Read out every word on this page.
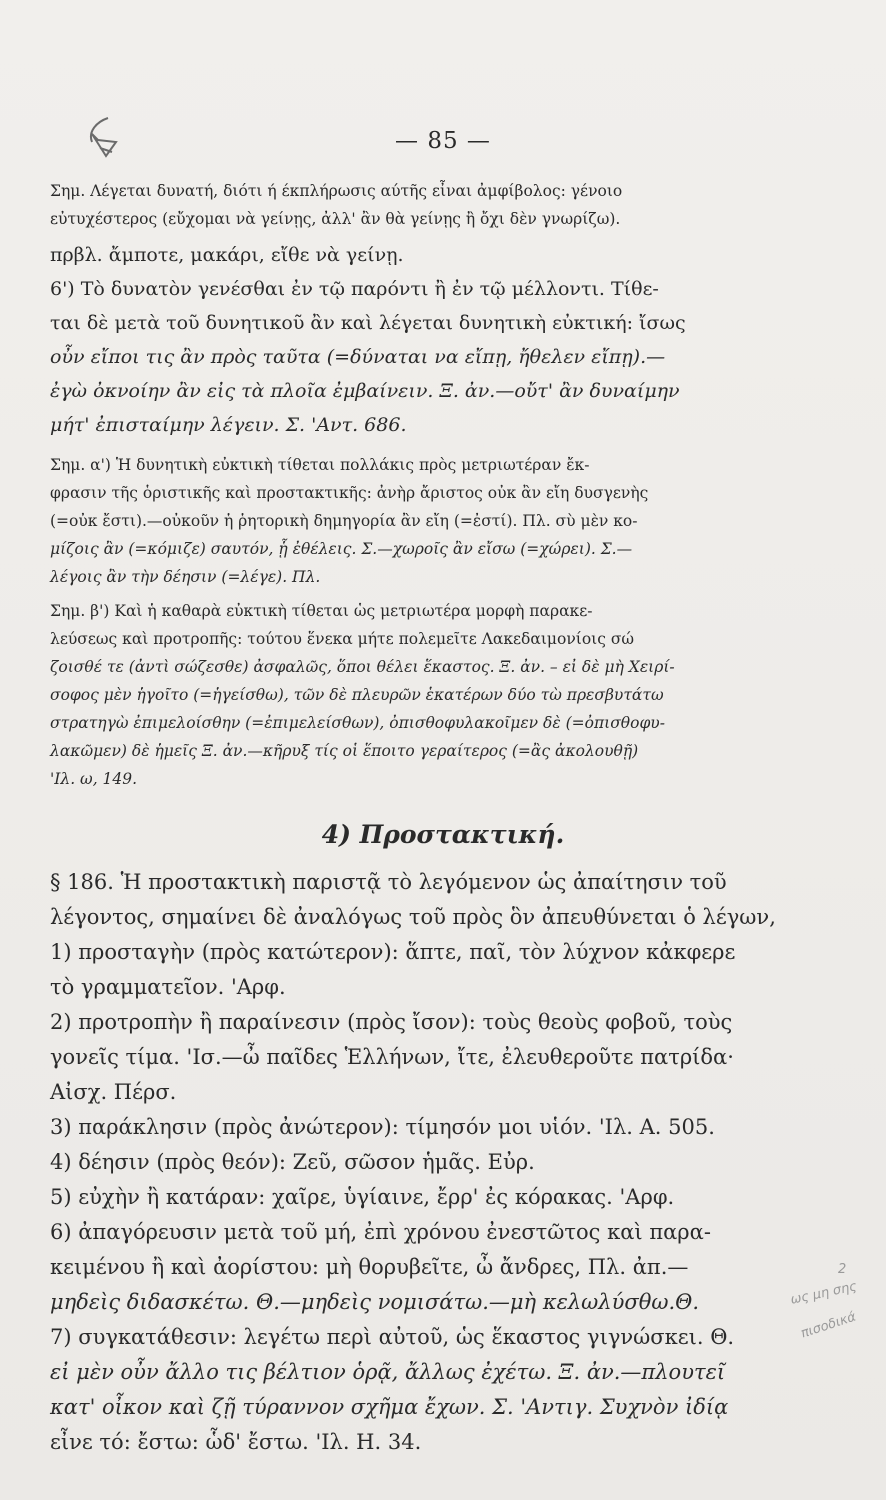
— 85 —
Σημ. Λέγεται δυνατή, διότι ή έκπλήρωσις αύτῆς εἶναι ἀμφίβολος: γένοιο
εὐτυχέστερος (εὔχομαι νὰ γείνῃς, ἀλλ' ἂν θὰ γείνῃς ἢ ὄχι δὲν γνωρίζω).
πρβλ. ἄμποτε, μακάρι, εἴθε νὰ γείνῃ.
6') Τὸ δυνατὸν γενέσθαι ἐν τῷ παρόντι ἢ ἐν τῷ μέλλοντι. Τίθε-
ται δὲ μετὰ τοῦ δυνητικοῦ ἂν καὶ λέγεται δυνητικὴ εὐκτική: ἴσως
οὖν εἴποι τις ἂν πρὸς ταῦτα (=δύναται να εἴπῃ, ἤθελεν εἴπῃ).—
ἐγὼ ὀκνοίην ἂν εἰς τὰ πλοῖα ἐμβαίνειν. Ξ. ἀν.—οὔτ' ἂν δυναίμην
μήτ' ἐπισταίμην λέγειν. Σ. 'Αντ. 686.
Σημ. α') Ἡ δυνητικὴ εὐκτικὴ τίθεται πολλάκις πρὸς μετριωτέραν ἔκ-
φρασιν τῆς ὁριστικῆς καὶ προστακτικῆς: ἀνὴρ ἄριστος οὐκ ἂν εἴη δυσγενὴς
(=οὐκ ἔστι).—οὐκοῦν ἡ ῥητορικὴ δημηγορία ἂν εἴη (=ἐστί). Πλ. σὺ μὲν κο-
μίζοις ἂν (=κόμιζε) σαυτόν, ᾗ ἐθέλεις. Σ.—χωροῖς ἂν εἴσω (=χώρει). Σ.—
λέγοις ἂν τὴν δέησιν (=λέγε). Πλ.
Σημ. β') Καὶ ἡ καθαρὰ εὐκτικὴ τίθεται ὡς μετριωτέρα μορφὴ παρακε-
λεύσεως καὶ προτροπῆς: τούτου ἕνεκα μήτε πολεμεῖτε Λακεδαιμονίοις σώ
ζοισθέ τε (ἀντὶ σώζεσθε) ἀσφαλῶς, ὅποι θέλει ἕκαστος. Ξ. ἀν. – εἰ δὲ μὴ Χειρί-
σοφος μὲν ἡγοῖτο (=ἡγείσθω), τῶν δὲ πλευρῶν ἑκατέρων δύο τὼ πρεσβυτάτω
στρατηγὼ ἐπιμελοίσθην (=ἐπιμελείσθων), ὀπισθοφυλακοῖμεν δὲ (=ὀπισθοφυ-
λακῶμεν) δὲ ἡμεῖς Ξ. ἀν.—κῆρυξ τίς οἱ ἕποιτο γεραίτερος (=ἂς ἀκολουθῇ)
'Ιλ. ω, 149.
4) Προστακτική.
§ 186. Ἡ προστακτικὴ παριστᾷ τὸ λεγόμενον ὡς ἀπαίτησιν τοῦ
λέγοντος, σημαίνει δὲ ἀναλόγως τοῦ πρὸς ὃν ἀπευθύνεται ὁ λέγων,
1) προσταγὴν (πρὸς κατώτερον): ἅπτε, παῖ, τὸν λύχνον κἀκφερε
τὸ γραμματεῖον. 'Αρφ.
2) προτροπὴν ἢ παραίνεσιν (πρὸς ἴσον): τοὺς θεοὺς φοβοῦ, τοὺς
γονεῖς τίμα. 'Ισ.—ὦ παῖδες Ἑλλήνων, ἴτε, ἐλευθεροῦτε πατρίδα·
Αἰσχ. Πέρσ.
3) παράκλησιν (πρὸς ἀνώτερον): τίμησόν μοι υἱόν. 'Ιλ. Α. 505.
4) δέησιν (πρὸς θεόν): Ζεῦ, σῶσον ἡμᾶς. Εὐρ.
5) εὐχὴν ἢ κατάραν: χαῖρε, ὑγίαινε, ἔρρ' ἐς κόρακας. 'Αρφ.
6) ἀπαγόρευσιν μετὰ τοῦ μή, ἐπὶ χρόνου ἐνεστῶτος καὶ παρα-
κειμένου ἢ καὶ ἀορίστου: μὴ θορυβεῖτε, ὦ ἄνδρες, Πλ. ἀπ.—
μηδεὶς διδασκέτω. Θ.—μηδεὶς νομισάτω.—μὴ κελωλύσθω.Θ.
7) συγκατάθεσιν: λεγέτω περὶ αὐτοῦ, ὡς ἕκαστος γιγνώσκει. Θ.
εἰ μὲν οὖν ἄλλο τις βέλτιον ὁρᾷ, ἄλλως ἐχέτω. Ξ. ἀν.—πλουτεῖ
κατ' οἶκον καὶ ζῇ τύραννον σχῆμα ἔχων. Σ. 'Αντιγ. Συχνὸν ἰδίᾳ
εἶνε τό: ἔστω: ὧδ' ἔστω. 'Ιλ. Η. 34.
2
ως μη σης
πισοδικά
